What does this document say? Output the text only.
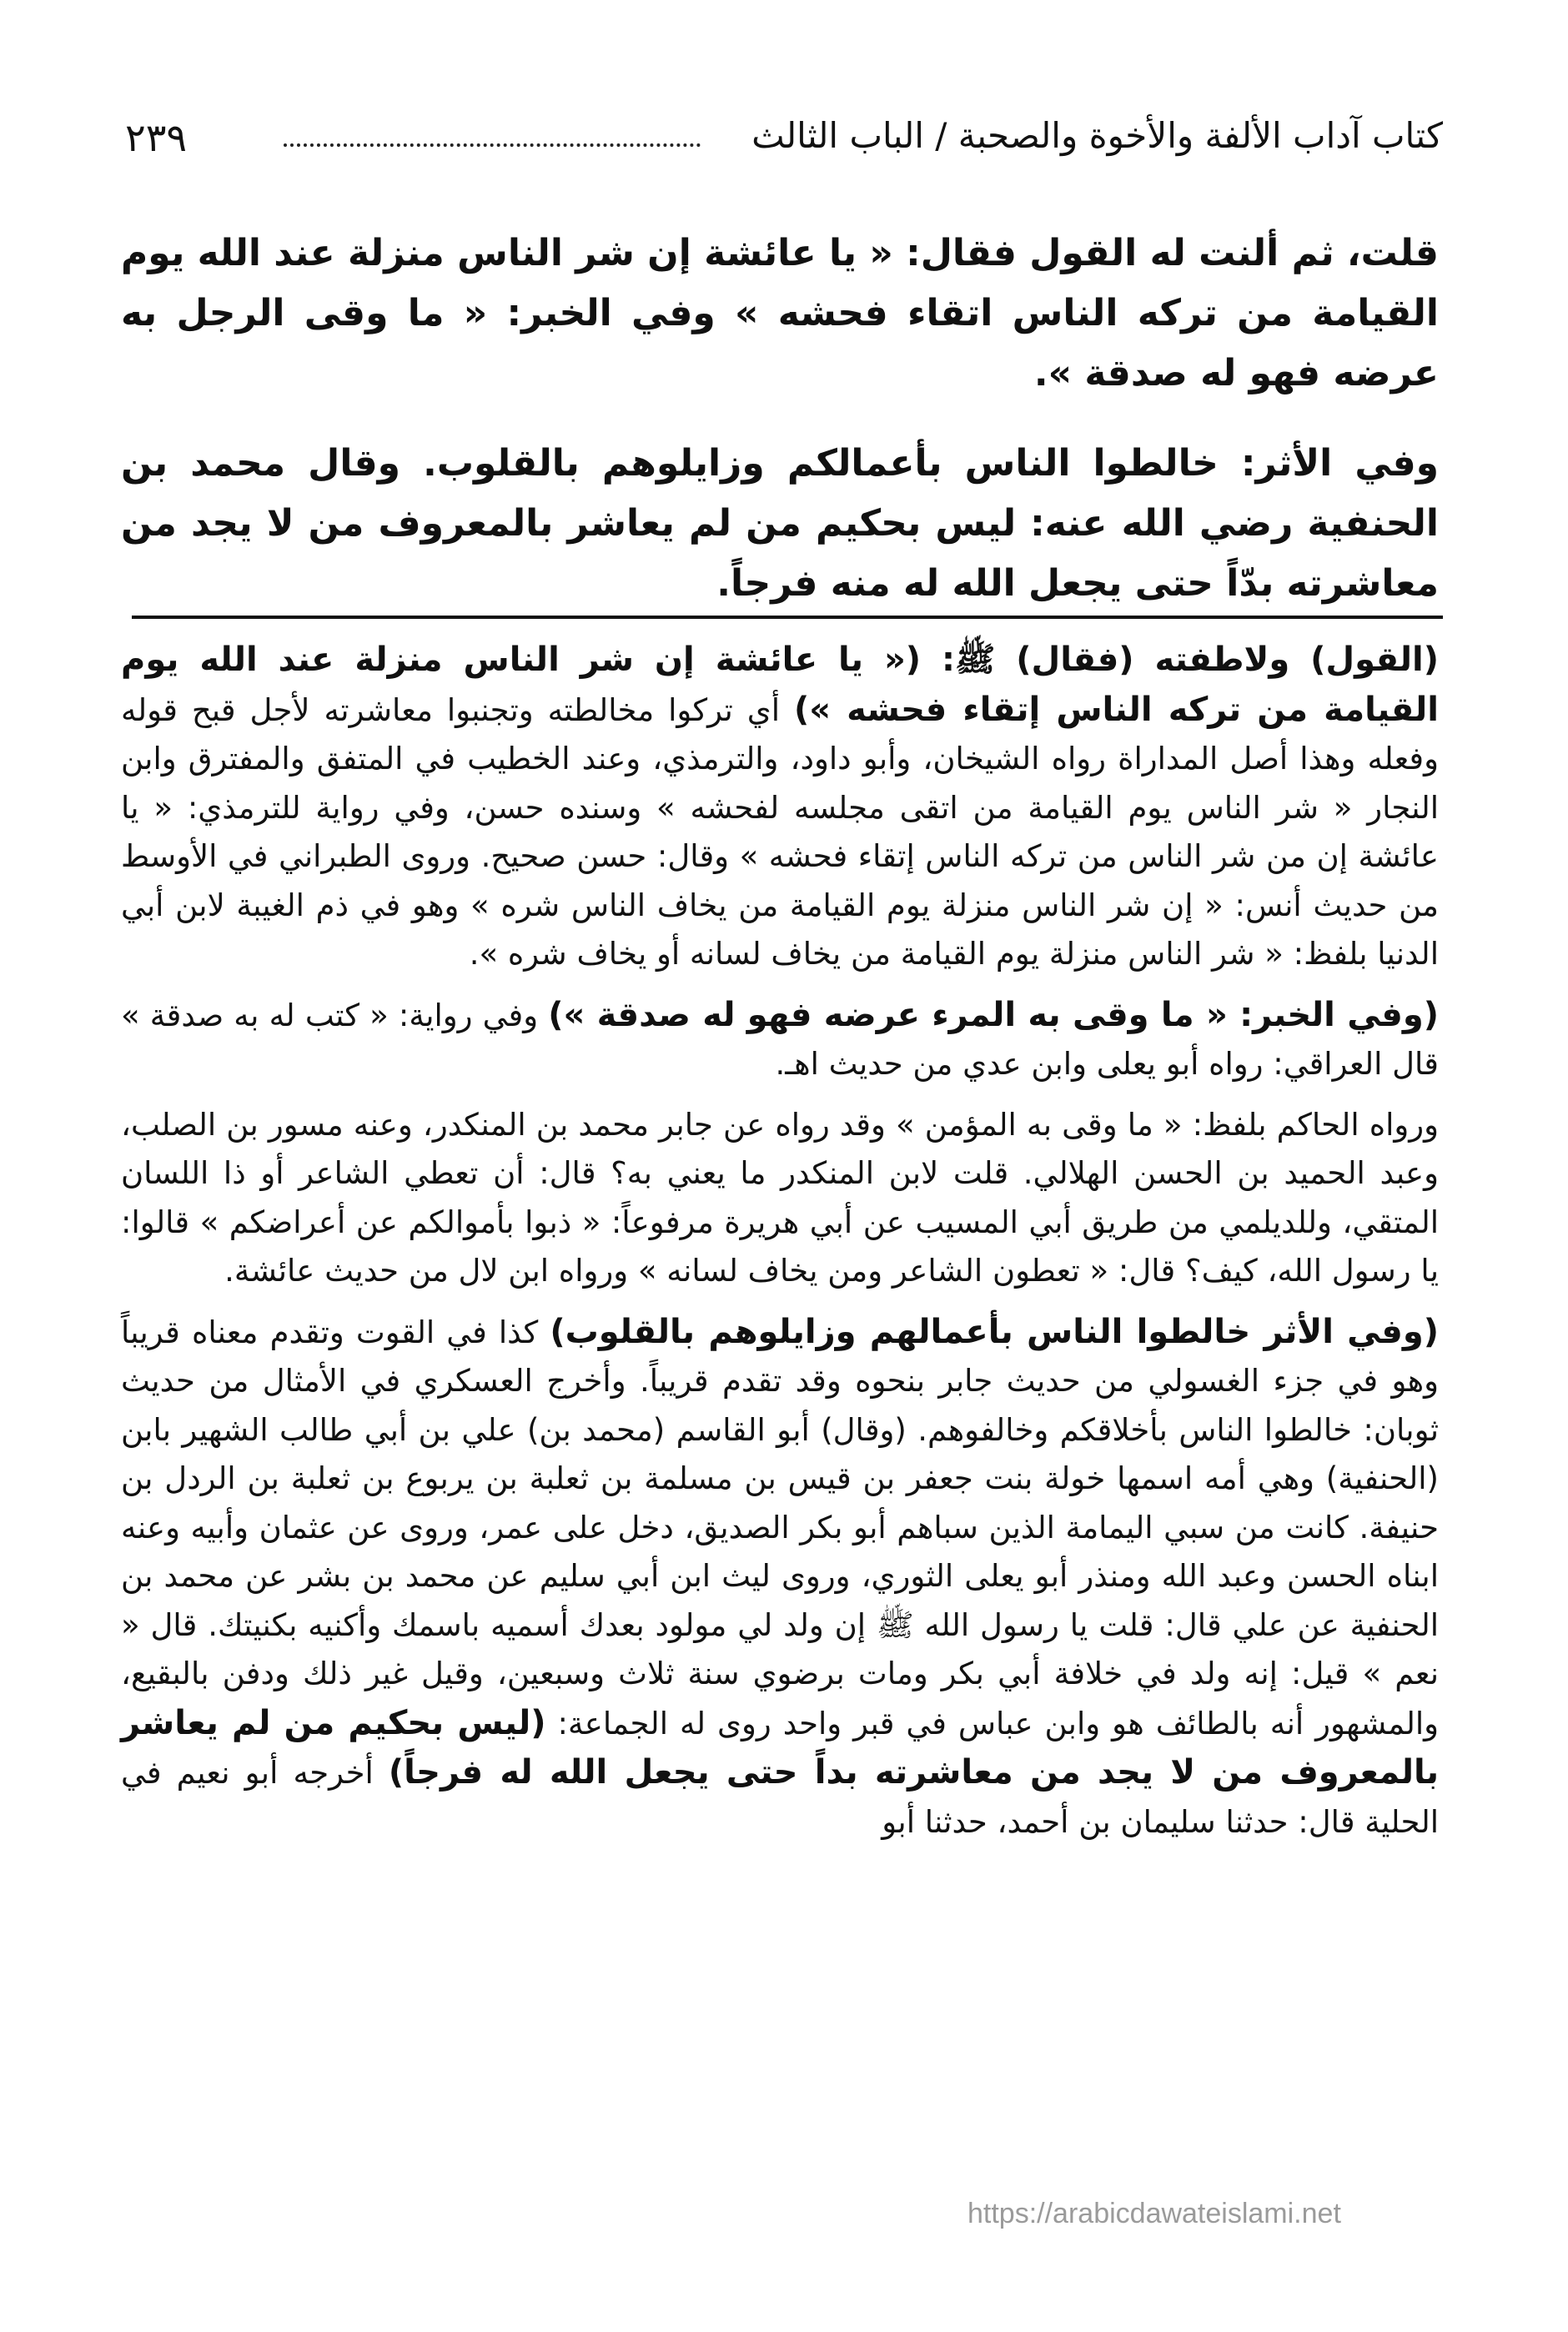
كتاب آداب الألفة والأخوة والصحبة / الباب الثالث
٢٣٩

قلت، ثم ألنت له القول فقال: « يا عائشة إن شر الناس منزلة عند الله يوم القيامة من تركه الناس اتقاء فحشه » وفي الخبر: « ما وقى الرجل به عرضه فهو له صدقة ».

وفي الأثر: خالطوا الناس بأعمالكم وزايلوهم بالقلوب. وقال محمد بن الحنفية رضي الله عنه: ليس بحكيم من لم يعاشر بالمعروف من لا يجد من معاشرته بدّاً حتى يجعل الله له منه فرجاً.

(القول) ولاطفته (فقال) ﷺ: (« يا عائشة إن شر الناس منزلة عند الله يوم القيامة من تركه الناس إتقاء فحشه ») أي تركوا مخالطته وتجنبوا معاشرته لأجل قبح قوله وفعله وهذا أصل المداراة رواه الشيخان، وأبو داود، والترمذي، وعند الخطيب في المتفق والمفترق وابن النجار « شر الناس يوم القيامة من اتقى مجلسه لفحشه » وسنده حسن، وفي رواية للترمذي: « يا عائشة إن من شر الناس من تركه الناس إتقاء فحشه » وقال: حسن صحيح. وروى الطبراني في الأوسط من حديث أنس: « إن شر الناس منزلة يوم القيامة من يخاف الناس شره » وهو في ذم الغيبة لابن أبي الدنيا بلفظ: « شر الناس منزلة يوم القيامة من يخاف لسانه أو يخاف شره ».

(وفي الخبر: « ما وقى به المرء عرضه فهو له صدقة ») وفي رواية: « كتب له به صدقة » قال العراقي: رواه أبو يعلى وابن عدي من حديث اهـ.

ورواه الحاكم بلفظ: « ما وقى به المؤمن » وقد رواه عن جابر محمد بن المنكدر، وعنه مسور بن الصلب، وعبد الحميد بن الحسن الهلالي. قلت لابن المنكدر ما يعني به؟ قال: أن تعطي الشاعر أو ذا اللسان المتقي، وللديلمي من طريق أبي المسيب عن أبي هريرة مرفوعاً: « ذبوا بأموالكم عن أعراضكم » قالوا: يا رسول الله، كيف؟ قال: « تعطون الشاعر ومن يخاف لسانه » ورواه ابن لال من حديث عائشة.

(وفي الأثر خالطوا الناس بأعمالهم وزايلوهم بالقلوب) كذا في القوت وتقدم معناه قريباً وهو في جزء الغسولي من حديث جابر بنحوه وقد تقدم قريباً. وأخرج العسكري في الأمثال من حديث ثوبان: خالطوا الناس بأخلاقكم وخالفوهم. (وقال) أبو القاسم (محمد بن) علي بن أبي طالب الشهير بابن (الحنفية) وهي أمه اسمها خولة بنت جعفر بن قيس بن مسلمة بن ثعلبة بن يربوع بن ثعلبة بن الردل بن حنيفة. كانت من سبي اليمامة الذين سباهم أبو بكر الصديق، دخل على عمر، وروى عن عثمان وأبيه وعنه ابناه الحسن وعبد الله ومنذر أبو يعلى الثوري، وروى ليث ابن أبي سليم عن محمد بن بشر عن محمد بن الحنفية عن علي قال: قلت يا رسول الله ﷺ إن ولد لي مولود بعدك أسميه باسمك وأكنيه بكنيتك. قال « نعم » قيل: إنه ولد في خلافة أبي بكر ومات برضوي سنة ثلاث وسبعين، وقيل غير ذلك ودفن بالبقيع، والمشهور أنه بالطائف هو وابن عباس في قبر واحد روى له الجماعة: (ليس بحكيم من لم يعاشر بالمعروف من لا يجد من معاشرته بداً حتى يجعل الله له فرجاً) أخرجه أبو نعيم في الحلية قال: حدثنا سليمان بن أحمد، حدثنا أبو

https://arabicdawateislami.net
